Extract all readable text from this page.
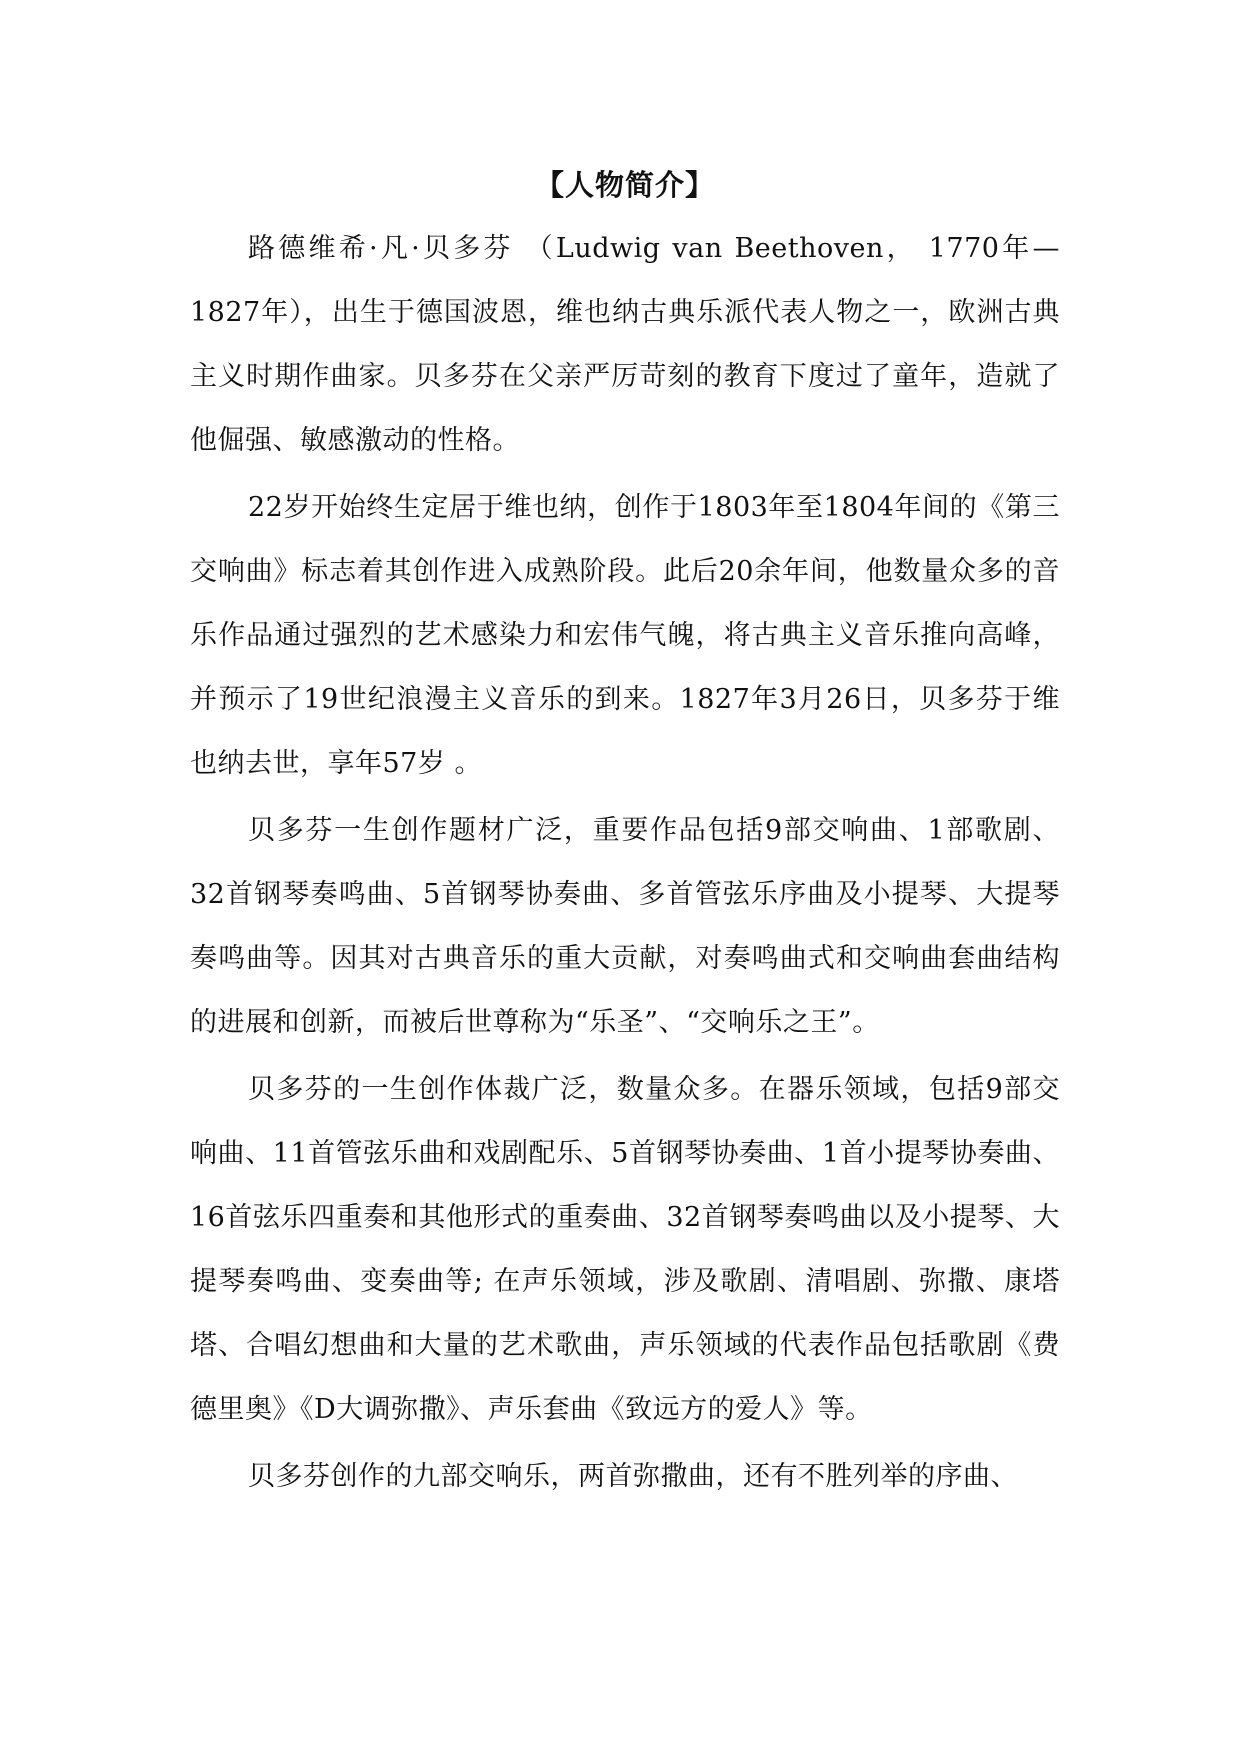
【人物简介】

路德维希·凡·贝多芬 （Ludwig van Beethoven， 1770年—1827年），出生于德国波恩，维也纳古典乐派代表人物之一，欧洲古典主义时期作曲家。贝多芬在父亲严厉苛刻的教育下度过了童年，造就了他倔强、敏感激动的性格。

22岁开始终生定居于维也纳，创作于1803年至1804年间的《第三交响曲》标志着其创作进入成熟阶段。此后20余年间，他数量众多的音乐作品通过强烈的艺术感染力和宏伟气魄，将古典主义音乐推向高峰，并预示了19世纪浪漫主义音乐的到来。1827年3月26日，贝多芬于维也纳去世，享年57岁 。

贝多芬一生创作题材广泛，重要作品包括9部交响曲、1部歌剧、32首钢琴奏鸣曲、5首钢琴协奏曲、多首管弦乐序曲及小提琴、大提琴奏鸣曲等。因其对古典音乐的重大贡献，对奏鸣曲式和交响曲套曲结构的进展和创新，而被后世尊称为“乐圣”、“交响乐之王”。

贝多芬的一生创作体裁广泛，数量众多。在器乐领域，包括9部交响曲、11首管弦乐曲和戏剧配乐、5首钢琴协奏曲、1首小提琴协奏曲、16首弦乐四重奏和其他形式的重奏曲、32首钢琴奏鸣曲以及小提琴、大提琴奏鸣曲、变奏曲等; 在声乐领域，涉及歌剧、清唱剧、弥撒、康塔塔、合唱幻想曲和大量的艺术歌曲，声乐领域的代表作品包括歌剧《费德里奥》《D大调弥撒》、声乐套曲《致远方的爱人》等。

贝多芬创作的九部交响乐，两首弥撒曲，还有不胜列举的序曲、
